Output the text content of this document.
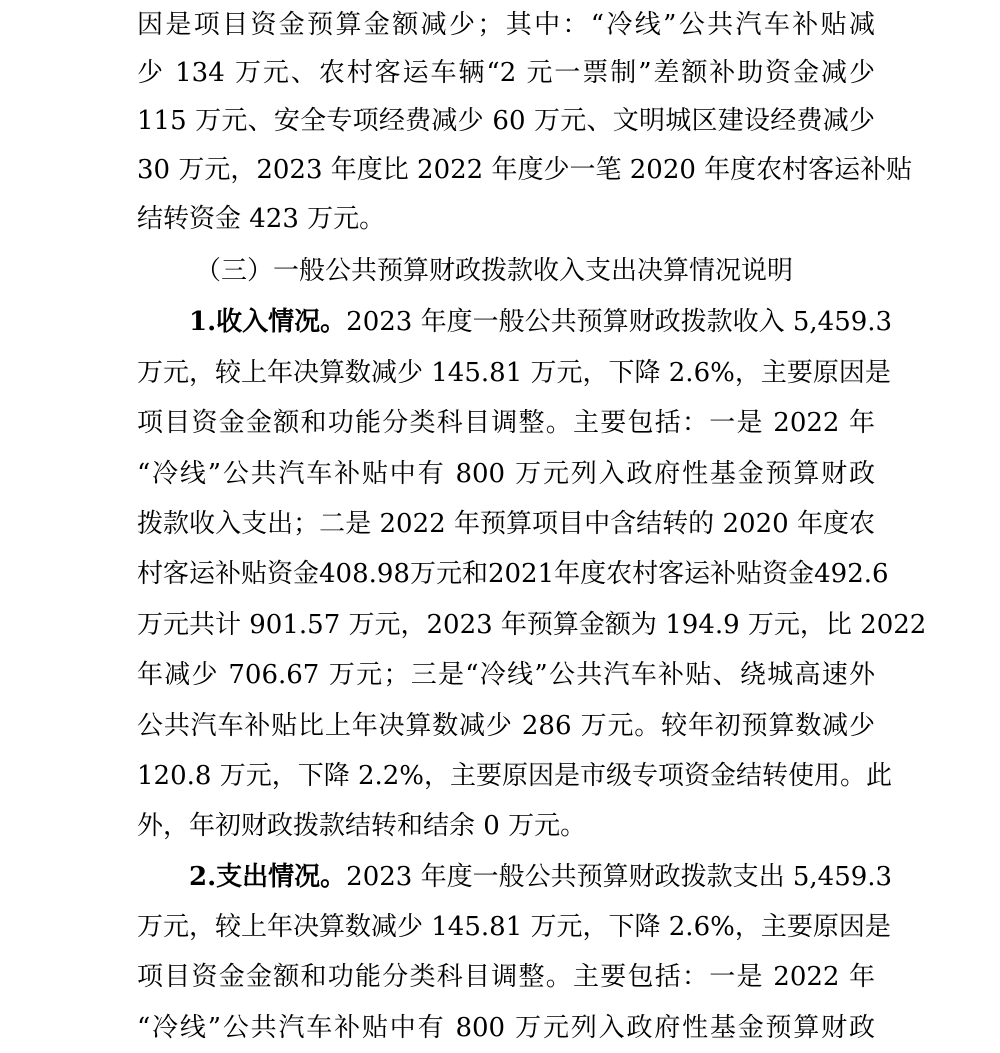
因是项目资金预算金额减少；其中：“冷线”公共汽车补贴减
少 134 万元、农村客运车辆“2 元一票制”差额补助资金减少
115 万元、安全专项经费减少 60 万元、文明城区建设经费减少
30 万元，2023 年度比 2022 年度少一笔 2020 年度农村客运补贴
结转资金 423 万元。
（三）一般公共预算财政拨款收入支出决算情况说明
1.收入情况。2023 年度一般公共预算财政拨款收入 5,459.3
万元，较上年决算数减少 145.81 万元，下降 2.6%，主要原因是
项目资金金额和功能分类科目调整。主要包括：一是 2022 年
“冷线”公共汽车补贴中有 800 万元列入政府性基金预算财政
拨款收入支出；二是 2022 年预算项目中含结转的 2020 年度农
村客运补贴资金408.98万元和2021年度农村客运补贴资金492.6
万元共计 901.57 万元，2023 年预算金额为 194.9 万元，比 2022
年减少 706.67 万元；三是“冷线”公共汽车补贴、绕城高速外
公共汽车补贴比上年决算数减少 286 万元。较年初预算数减少
120.8 万元，下降 2.2%，主要原因是市级专项资金结转使用。此
外，年初财政拨款结转和结余 0 万元。
2.支出情况。2023 年度一般公共预算财政拨款支出 5,459.3
万元，较上年决算数减少 145.81 万元，下降 2.6%，主要原因是
项目资金金额和功能分类科目调整。主要包括：一是 2022 年
“冷线”公共汽车补贴中有 800 万元列入政府性基金预算财政
